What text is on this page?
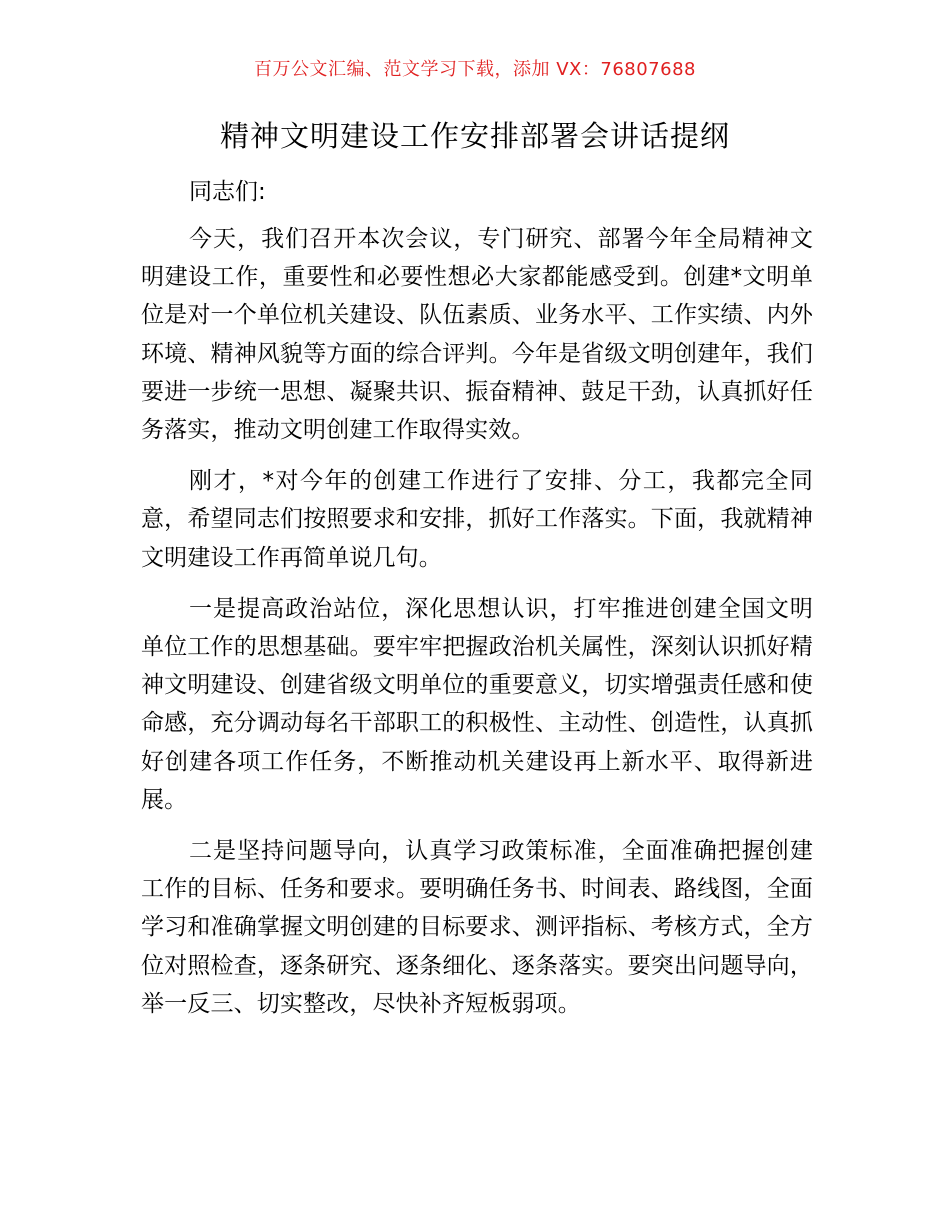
百万公文汇编、范文学习下载，添加 VX：76807688
精神文明建设工作安排部署会讲话提纲

同志们:

今天，我们召开本次会议，专门研究、部署今年全局精神文明建设工作，重要性和必要性想必大家都能感受到。创建*文明单位是对一个单位机关建设、队伍素质、业务水平、工作实绩、内外环境、精神风貌等方面的综合评判。今年是省级文明创建年，我们要进一步统一思想、凝聚共识、振奋精神、鼓足干劲，认真抓好任务落实，推动文明创建工作取得实效。

刚才，*对今年的创建工作进行了安排、分工，我都完全同意，希望同志们按照要求和安排，抓好工作落实。下面，我就精神文明建设工作再简单说几句。

一是提高政治站位，深化思想认识，打牢推进创建全国文明单位工作的思想基础。要牢牢把握政治机关属性，深刻认识抓好精神文明建设、创建省级文明单位的重要意义，切实增强责任感和使命感，充分调动每名干部职工的积极性、主动性、创造性，认真抓好创建各项工作任务，不断推动机关建设再上新水平、取得新进展。

二是坚持问题导向，认真学习政策标准，全面准确把握创建工作的目标、任务和要求。要明确任务书、时间表、路线图，全面学习和准确掌握文明创建的目标要求、测评指标、考核方式，全方位对照检查，逐条研究、逐条细化、逐条落实。要突出问题导向，举一反三、切实整改，尽快补齐短板弱项。
